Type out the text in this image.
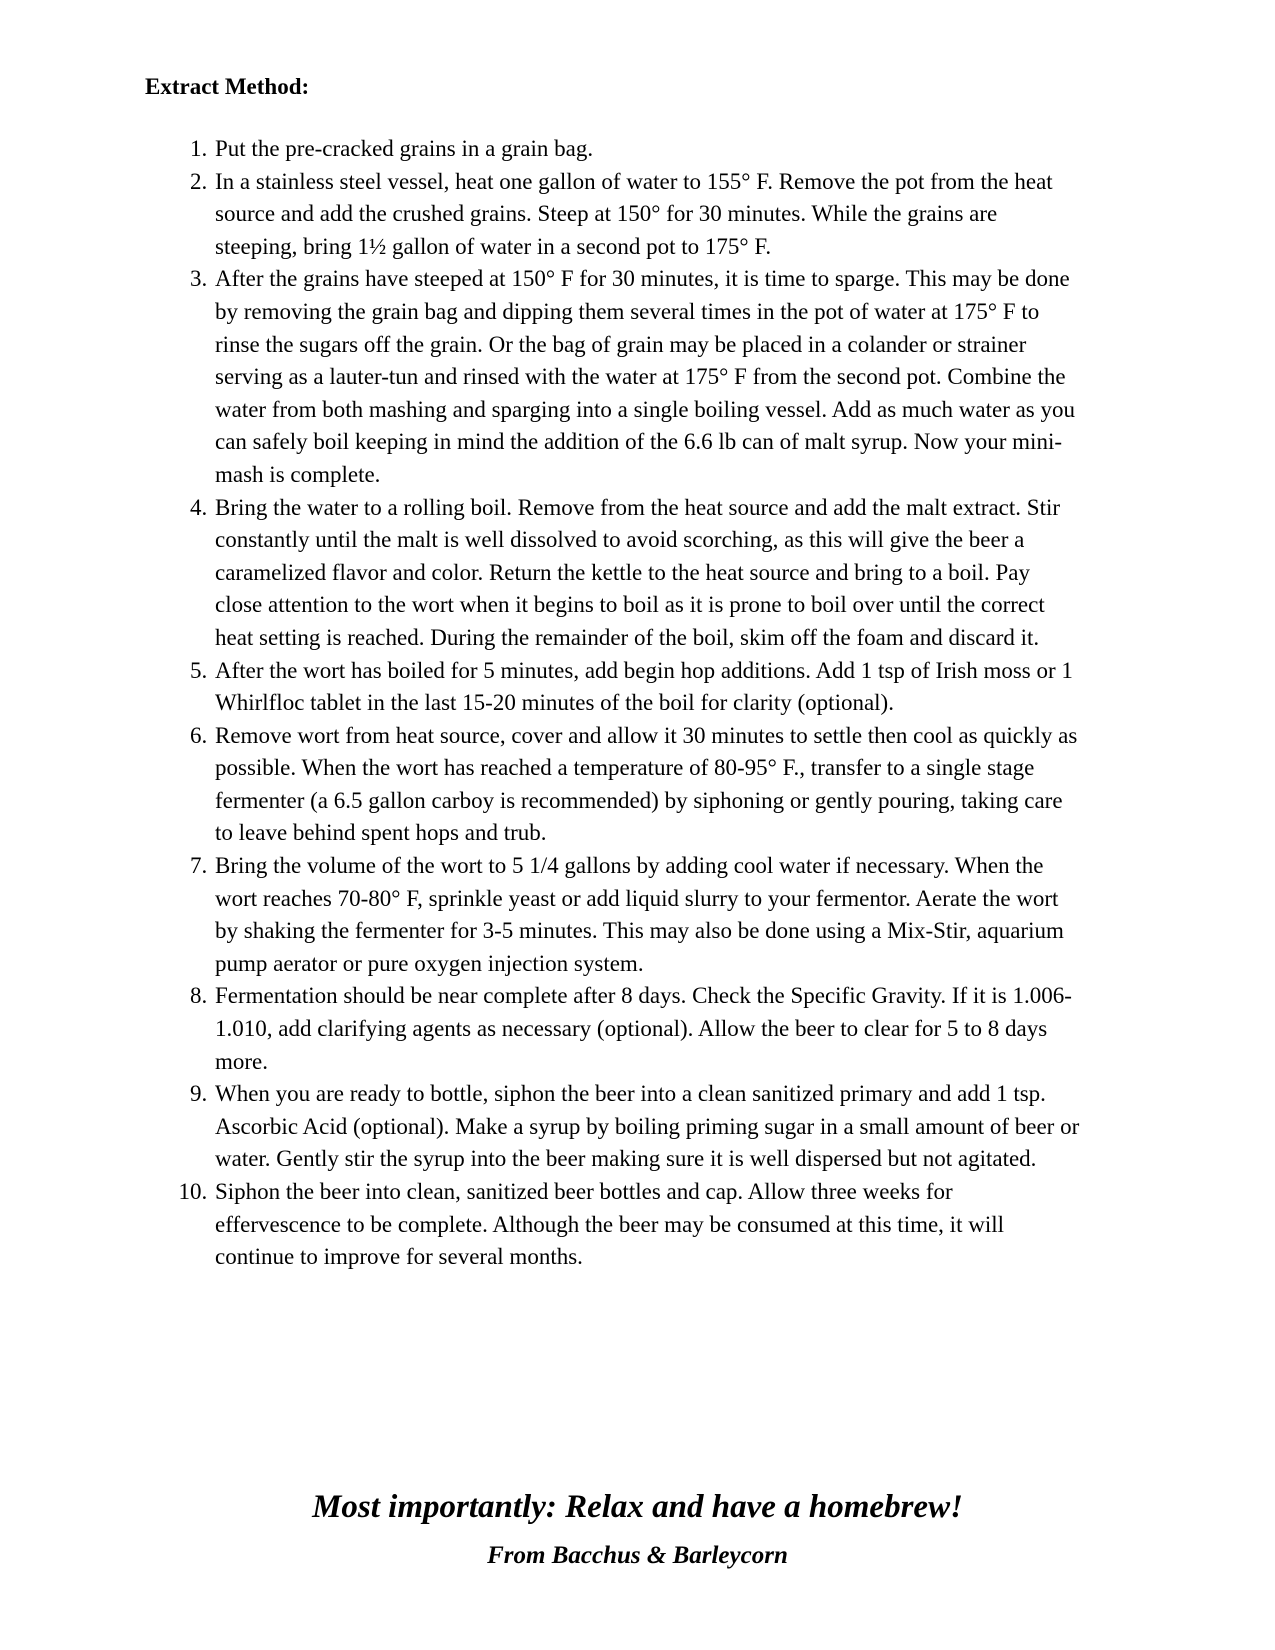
Extract Method:
1. Put the pre-cracked grains in a grain bag.
2. In a stainless steel vessel, heat one gallon of water to 155° F. Remove the pot from the heat source and add the crushed grains. Steep at 150° for 30 minutes. While the grains are steeping, bring 1½ gallon of water in a second pot to 175° F.
3. After the grains have steeped at 150° F for 30 minutes, it is time to sparge. This may be done by removing the grain bag and dipping them several times in the pot of water at 175° F to rinse the sugars off the grain. Or the bag of grain may be placed in a colander or strainer serving as a lauter-tun and rinsed with the water at 175° F from the second pot. Combine the water from both mashing and sparging into a single boiling vessel. Add as much water as you can safely boil keeping in mind the addition of the 6.6 lb can of malt syrup. Now your mini-mash is complete.
4. Bring the water to a rolling boil. Remove from the heat source and add the malt extract. Stir constantly until the malt is well dissolved to avoid scorching, as this will give the beer a caramelized flavor and color. Return the kettle to the heat source and bring to a boil. Pay close attention to the wort when it begins to boil as it is prone to boil over until the correct heat setting is reached. During the remainder of the boil, skim off the foam and discard it.
5. After the wort has boiled for 5 minutes, add begin hop additions. Add 1 tsp of Irish moss or 1 Whirlfloc tablet in the last 15-20 minutes of the boil for clarity (optional).
6. Remove wort from heat source, cover and allow it 30 minutes to settle then cool as quickly as possible. When the wort has reached a temperature of 80-95° F., transfer to a single stage fermenter (a 6.5 gallon carboy is recommended) by siphoning or gently pouring, taking care to leave behind spent hops and trub.
7. Bring the volume of the wort to 5 1/4 gallons by adding cool water if necessary. When the wort reaches 70-80° F, sprinkle yeast or add liquid slurry to your fermentor. Aerate the wort by shaking the fermenter for 3-5 minutes. This may also be done using a Mix-Stir, aquarium pump aerator or pure oxygen injection system.
8. Fermentation should be near complete after 8 days. Check the Specific Gravity. If it is 1.006-1.010, add clarifying agents as necessary (optional). Allow the beer to clear for 5 to 8 days more.
9. When you are ready to bottle, siphon the beer into a clean sanitized primary and add 1 tsp. Ascorbic Acid (optional). Make a syrup by boiling priming sugar in a small amount of beer or water. Gently stir the syrup into the beer making sure it is well dispersed but not agitated.
10. Siphon the beer into clean, sanitized beer bottles and cap. Allow three weeks for effervescence to be complete. Although the beer may be consumed at this time, it will continue to improve for several months.

Most importantly: Relax and have a homebrew!

From Bacchus & Barleycorn
